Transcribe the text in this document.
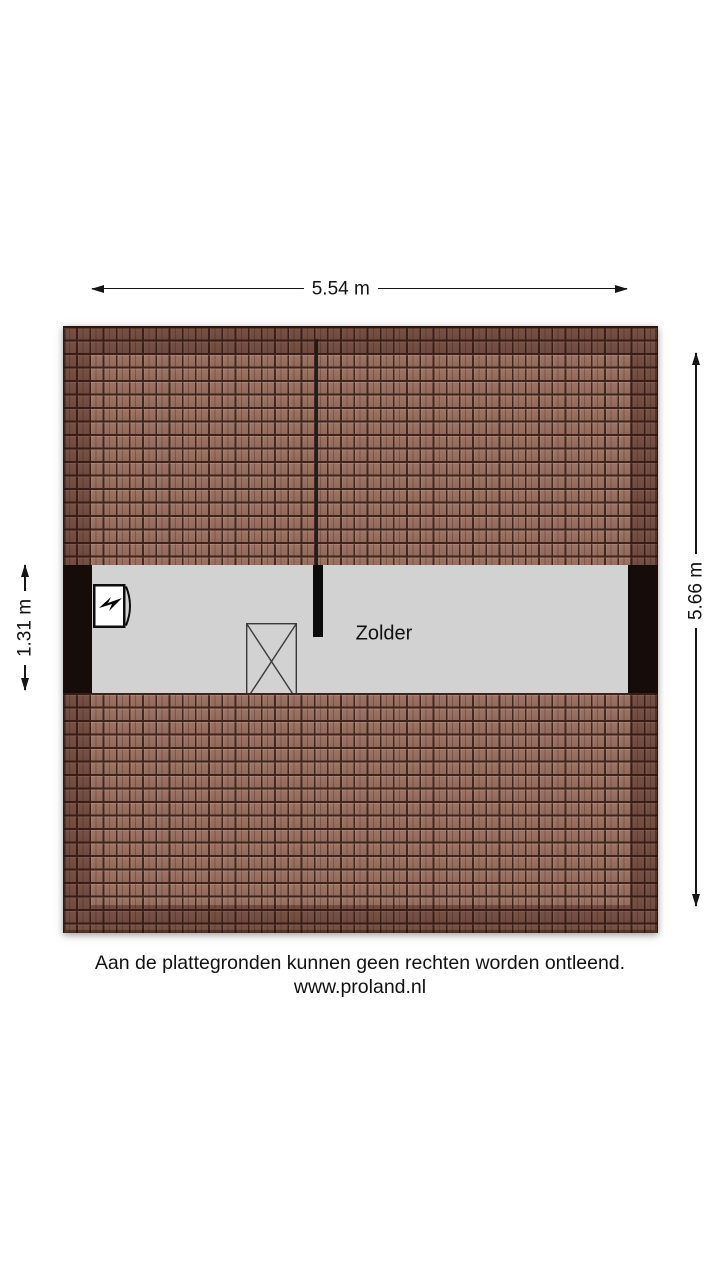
5.54 m
Zolder
1.31 m
5.66 m
Aan de plattegronden kunnen geen rechten worden ontleend.
www.proland.nl
